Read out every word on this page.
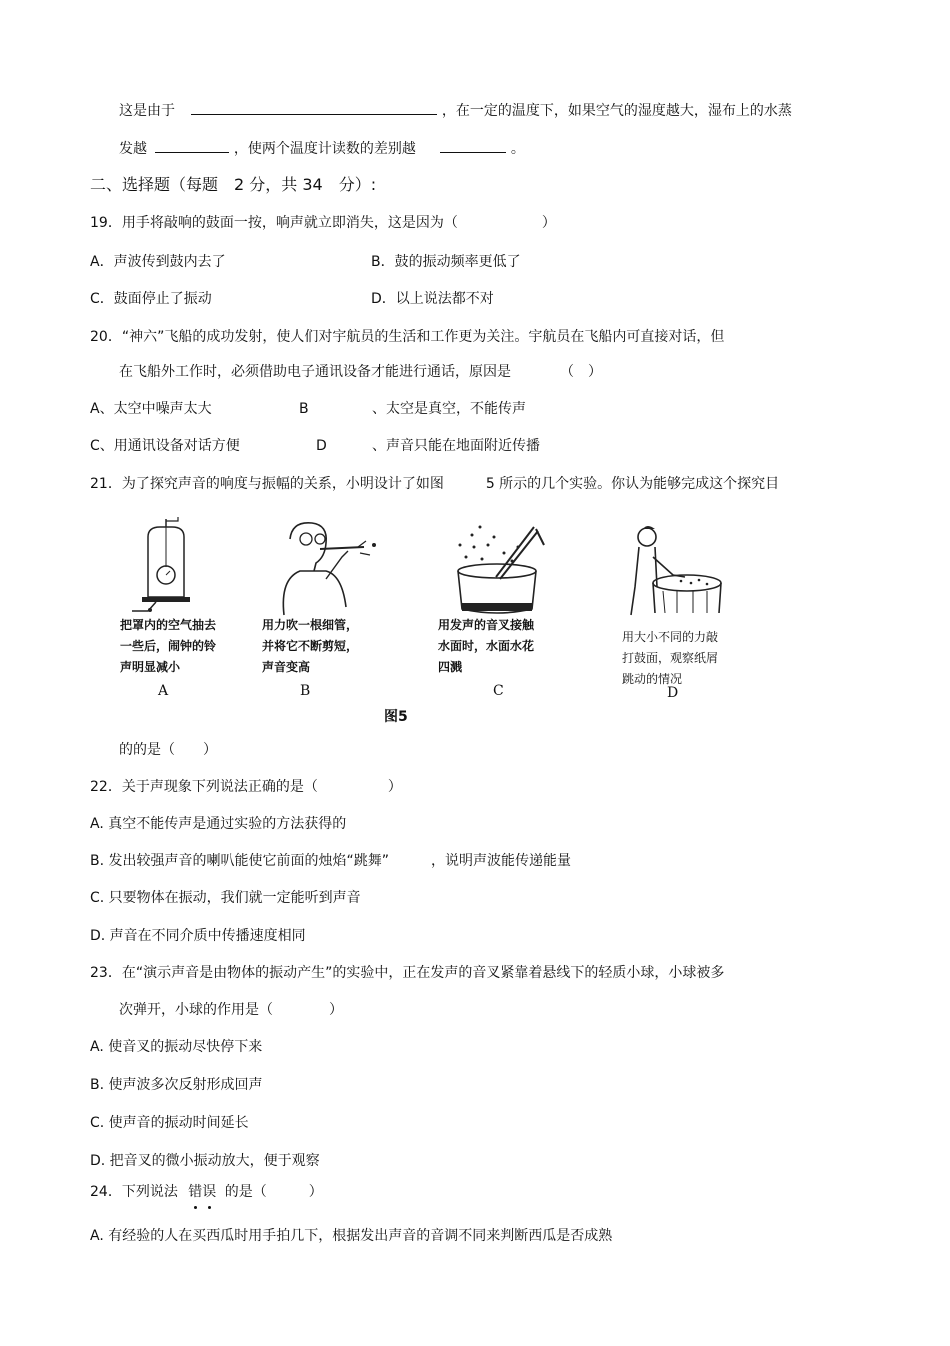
这是由于	，在一定的温度下，如果空气的湿度越大，湿布上的水蒸
发越	，使两个温度计读数的差别越	。
二、选择题（每题　2 分，共 34　分）:
19．用手将敲响的鼓面一按，响声就立即消失，这是因为（　　　　　　）
A．声波传到鼓内去了	B．鼓的振动频率更低了
C．鼓面停止了振动	D．以上说法都不对
20．“神六”飞船的成功发射，使人们对宇航员的生活和工作更为关注。宇航员在飞船内可直接对话，但
在飞船外工作时，必须借助电子通讯设备才能进行通话，原因是　　　　（　）
A、太空中噪声太大	B	、太空是真空，不能传声
C、用通讯设备对话方便	D	、声音只能在地面附近传播
21．为了探究声音的响度与振幅的关系，小明设计了如图　　　5 所示的几个实验。你认为能够完成这个探究目
把罩内的空气抽去
一些后，闹钟的铃
声明显减小
A
用力吹一根细管，
并将它不断剪短，
声音变高
B
用发声的音叉接触
水面时，水面水花
四溅
C
用大小不同的力敲
打鼓面，观察纸屑
跳动的情况
D
图5
的的是（　　）
22．关于声现象下列说法正确的是（　　　　　）
A. 真空不能传声是通过实验的方法获得的
B. 发出较强声音的喇叭能使它前面的烛焰“跳舞”　　　，说明声波能传递能量
C. 只要物体在振动，我们就一定能听到声音
D. 声音在不同介质中传播速度相同
23．在“演示声音是由物体的振动产生”的实验中，正在发声的音叉紧靠着悬线下的轻质小球，小球被多
次弹开，小球的作用是（　　　　）
A. 使音叉的振动尽快停下来
B. 使声波多次反射形成回声
C. 使声音的振动时间延长
D. 把音叉的微小振动放大，便于观察
24．下列说法 错误 的是（　　　）
A. 有经验的人在买西瓜时用手拍几下，根据发出声音的音调不同来判断西瓜是否成熟
